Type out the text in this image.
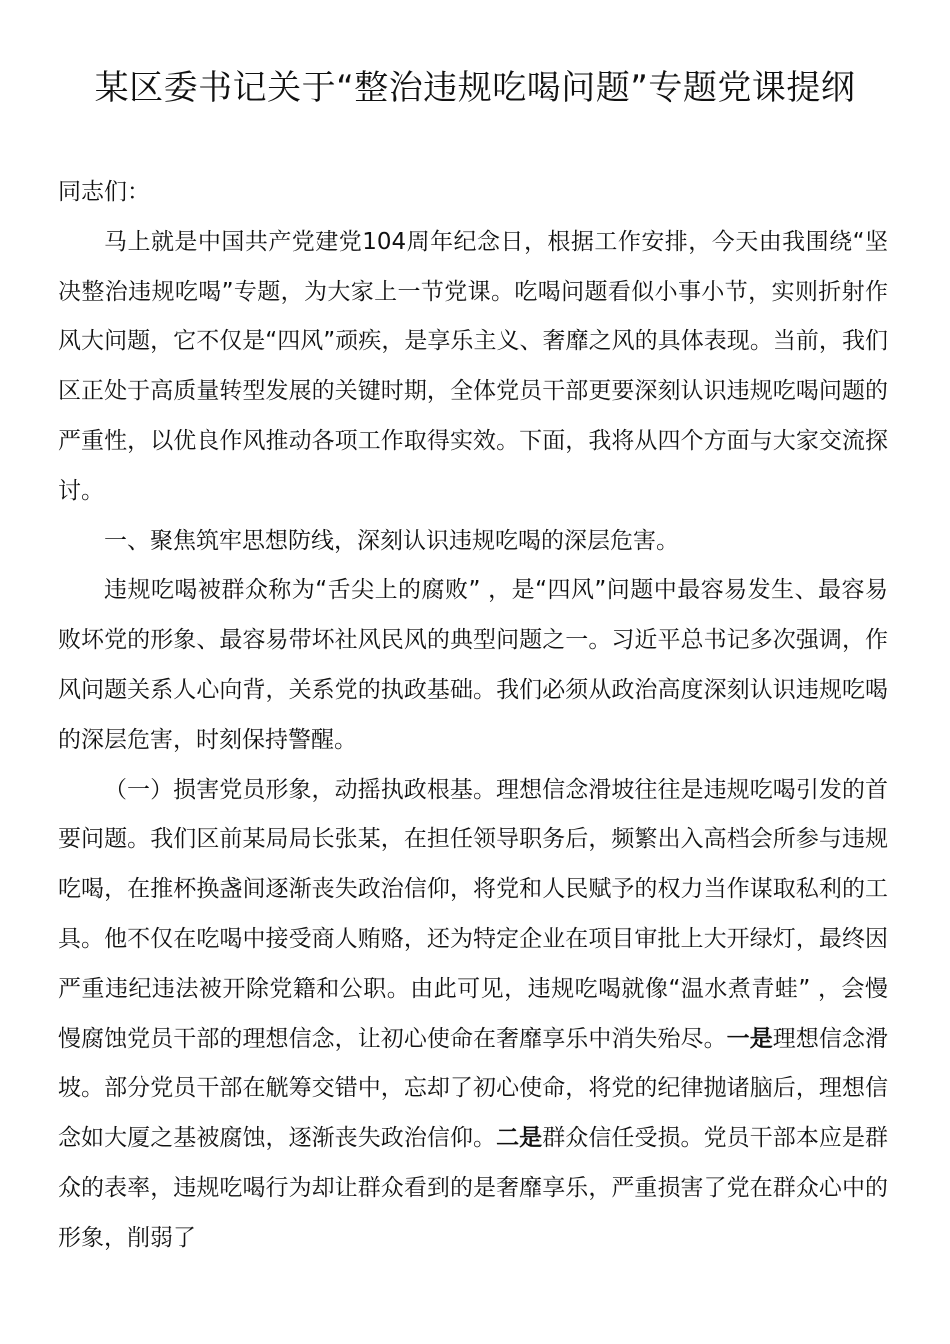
某区委书记关于“整治违规吃喝问题”专题党课提纲

同志们：

马上就是中国共产党建党104周年纪念日，根据工作安排，今天由我围绕“坚决整治违规吃喝”专题，为大家上一节党课。吃喝问题看似小事小节，实则折射作风大问题，它不仅是“四风”顽疾，是享乐主义、奢靡之风的具体表现。当前，我们区正处于高质量转型发展的关键时期，全体党员干部更要深刻认识违规吃喝问题的严重性，以优良作风推动各项工作取得实效。下面，我将从四个方面与大家交流探讨。

一、聚焦筑牢思想防线，深刻认识违规吃喝的深层危害。

违规吃喝被群众称为“舌尖上的腐败” ，是“四风”问题中最容易发生、最容易败坏党的形象、最容易带坏社风民风的典型问题之一。习近平总书记多次强调，作风问题关系人心向背，关系党的执政基础。我们必须从政治高度深刻认识违规吃喝的深层危害，时刻保持警醒。

（一）损害党员形象，动摇执政根基。理想信念滑坡往往是违规吃喝引发的首要问题。我们区前某局局长张某，在担任领导职务后，频繁出入高档会所参与违规吃喝，在推杯换盏间逐渐丧失政治信仰，将党和人民赋予的权力当作谋取私利的工具。他不仅在吃喝中接受商人贿赂，还为特定企业在项目审批上大开绿灯，最终因严重违纪违法被开除党籍和公职。由此可见，违规吃喝就像“温水煮青蛙” ，会慢慢腐蚀党员干部的理想信念，让初心使命在奢靡享乐中消失殆尽。一是理想信念滑坡。部分党员干部在觥筹交错中，忘却了初心使命，将党的纪律抛诸脑后，理想信念如大厦之基被腐蚀，逐渐丧失政治信仰。二是群众信任受损。党员干部本应是群众的表率，违规吃喝行为却让群众看到的是奢靡享乐，严重损害了党在群众心中的形象，削弱了
